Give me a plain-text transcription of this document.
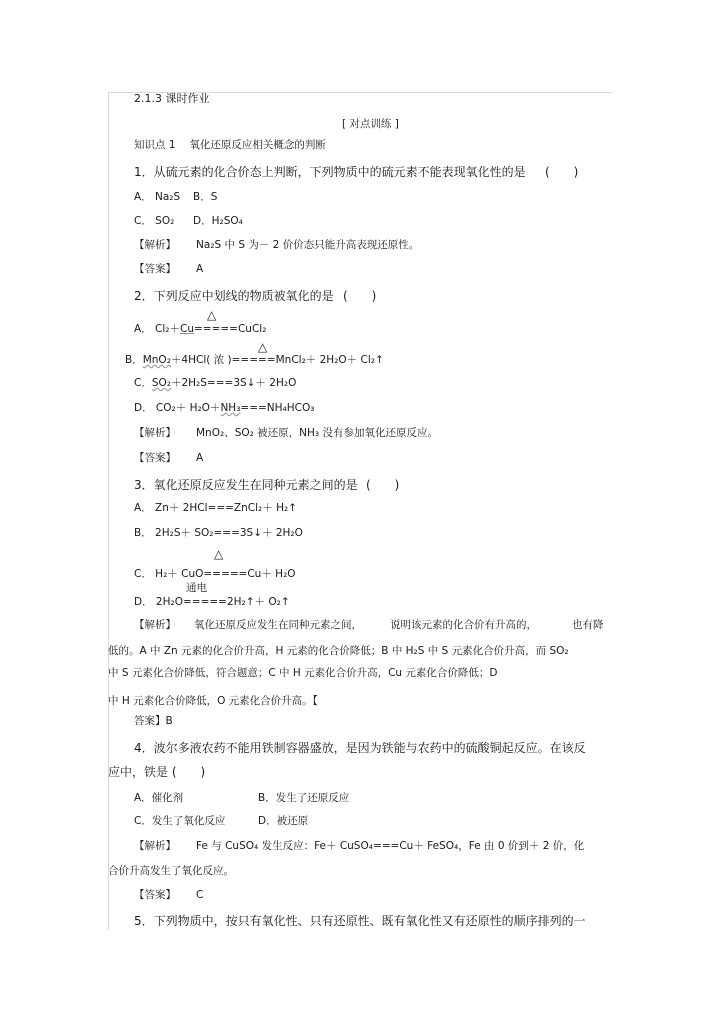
2.1.3 课时作业
[ 对点训练 ]
知识点 1　 氧化还原反应相关概念的判断
1．从硫元素的化合价态上判断，下列物质中的硫元素不能表现氧化性的是 (　　)
A． Na₂S B．S
C． SO₂ D．H₂SO₄
【解析】 Na₂S 中 S 为－ 2 价价态只能升高表现还原性。
【答案】 A
2．下列反应中划线的物质被氧化的是 (　　)
△
A． Cl₂＋Cu=====CuCl₂
△
B．MnO₂＋4HCl( 浓 )=====MnCl₂＋ 2H₂O＋ Cl₂↑
C．SO₂＋2H₂S===3S↓＋ 2H₂O
D． CO₂＋ H₂O＋NH₃===NH₄HCO₃
【解析】 MnO₂、SO₂ 被还原，NH₃ 没有参加氧化还原反应。
【答案】 A
3．氧化还原反应发生在同种元素之间的是 (　　)
A． Zn＋ 2HCl===ZnCl₂＋ H₂↑
B． 2H₂S＋ SO₂===3S↓＋ 2H₂O
△
C． H₂＋ CuO=====Cu＋ H₂O
通电
D． 2H₂O=====2H₂↑＋ O₂↑
【解析】 氧化还原反应发生在同种元素之间，	说明该元素的化合价有升高的，	也有降
低的。A 中 Zn 元素的化合价升高，H 元素的化合价降低；B 中 H₂S 中 S 元素化合价升高，而 SO₂
中 S 元素化合价降低，符合题意；C 中 H 元素化合价升高，Cu 元素化合价降低；D
中 H 元素化合价降低，O 元素化合价升高。【
答案】B
4．波尔多液农药不能用铁制容器盛放，是因为铁能与农药中的硫酸铜起反应。在该反
应中，铁是 (　　)
A．催化剂	B．发生了还原反应
C．发生了氧化反应	D．被还原
【解析】 Fe 与 CuSO₄ 发生反应：Fe＋ CuSO₄===Cu＋ FeSO₄，Fe 由 0 价到＋ 2 价，化
合价升高发生了氧化反应。
【答案】 C
5．下列物质中，按只有氧化性、只有还原性、既有氧化性又有还原性的顺序排列的一
